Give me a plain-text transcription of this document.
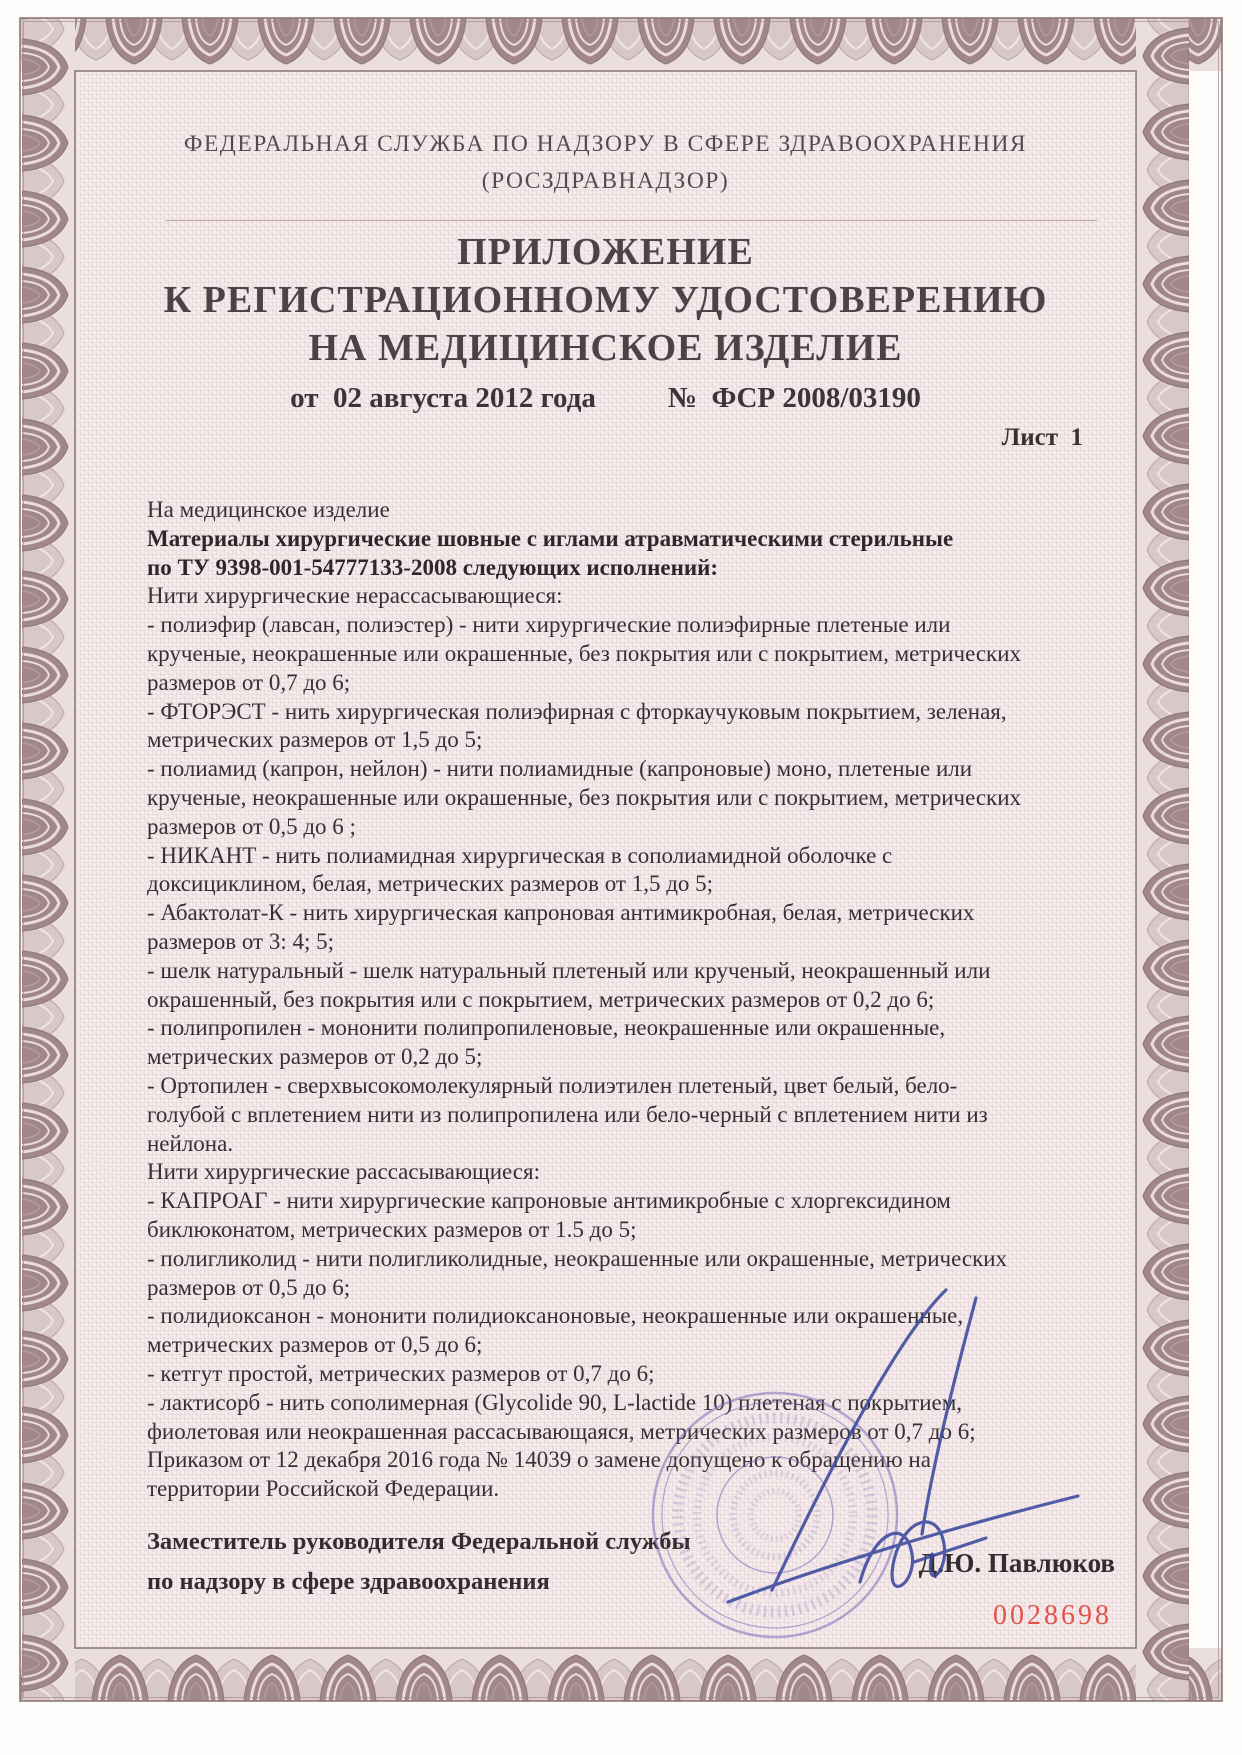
ФЕДЕРАЛЬНАЯ СЛУЖБА ПО НАДЗОРУ В СФЕРЕ ЗДРАВООХРАНЕНИЯ
(РОСЗДРАВНАДЗОР)
ПРИЛОЖЕНИЕ
К РЕГИСТРАЦИОННОМУ УДОСТОВЕРЕНИЮ
НА МЕДИЦИНСКОЕ ИЗДЕЛИЕ
от  02 августа 2012 года №  ФСР 2008/03190
Лист  1
На медицинское изделие
Материалы хирургические шовные с иглами атравматическими стерильные
по ТУ 9398-001-54777133-2008 следующих исполнений:
Нити хирургические нерассасывающиеся:
- полиэфир (лавсан, полиэстер) - нити хирургические полиэфирные плетеные или
крученые, неокрашенные или окрашенные, без покрытия или с покрытием, метрических
размеров от 0,7 до 6;
- ФТОРЭСТ - нить хирургическая полиэфирная с фторкаучуковым покрытием, зеленая,
метрических размеров от 1,5 до 5;
- полиамид (капрон, нейлон) - нити полиамидные (капроновые) моно, плетеные или
крученые, неокрашенные или окрашенные, без покрытия или с покрытием, метрических
размеров от 0,5 до 6 ;
- НИКАНТ - нить полиамидная хирургическая в сополиамидной оболочке с
доксициклином, белая, метрических размеров от 1,5 до 5;
- Абактолат-К - нить хирургическая капроновая антимикробная, белая, метрических
размеров от 3: 4; 5;
- шелк натуральный - шелк натуральный плетеный или крученый, неокрашенный или
окрашенный, без покрытия или с покрытием, метрических размеров от 0,2 до 6;
- полипропилен - мононити полипропиленовые, неокрашенные или окрашенные,
метрических размеров от 0,2 до 5;
- Ортопилен - сверхвысокомолекулярный полиэтилен плетеный, цвет белый, бело-
голубой с вплетением нити из полипропилена или бело-черный с вплетением нити из
нейлона.
Нити хирургические рассасывающиеся:
- КАПРОАГ - нити хирургические капроновые антимикробные с хлоргексидином
биклюконатом, метрических размеров от 1.5 до 5;
- полигликолид - нити полигликолидные, неокрашенные или окрашенные, метрических
размеров от 0,5 до 6;
- полидиоксанон - мононити полидиоксаноновые, неокрашенные или окрашенные,
метрических размеров от 0,5 до 6;
- кетгут простой, метрических размеров от 0,7 до 6;
- лактисорб - нить сополимерная (Glycolide 90, L-lactide 10) плетеная с покрытием,
фиолетовая или неокрашенная рассасывающаяся, метрических размеров от 0,7 до 6;
Приказом от 12 декабря 2016 года № 14039 о замене допущено к обращению на
территории Российской Федерации.
Заместитель руководителя Федеральной службы
по надзору в сфере здравоохранения
Д.Ю. Павлюков
0028698
